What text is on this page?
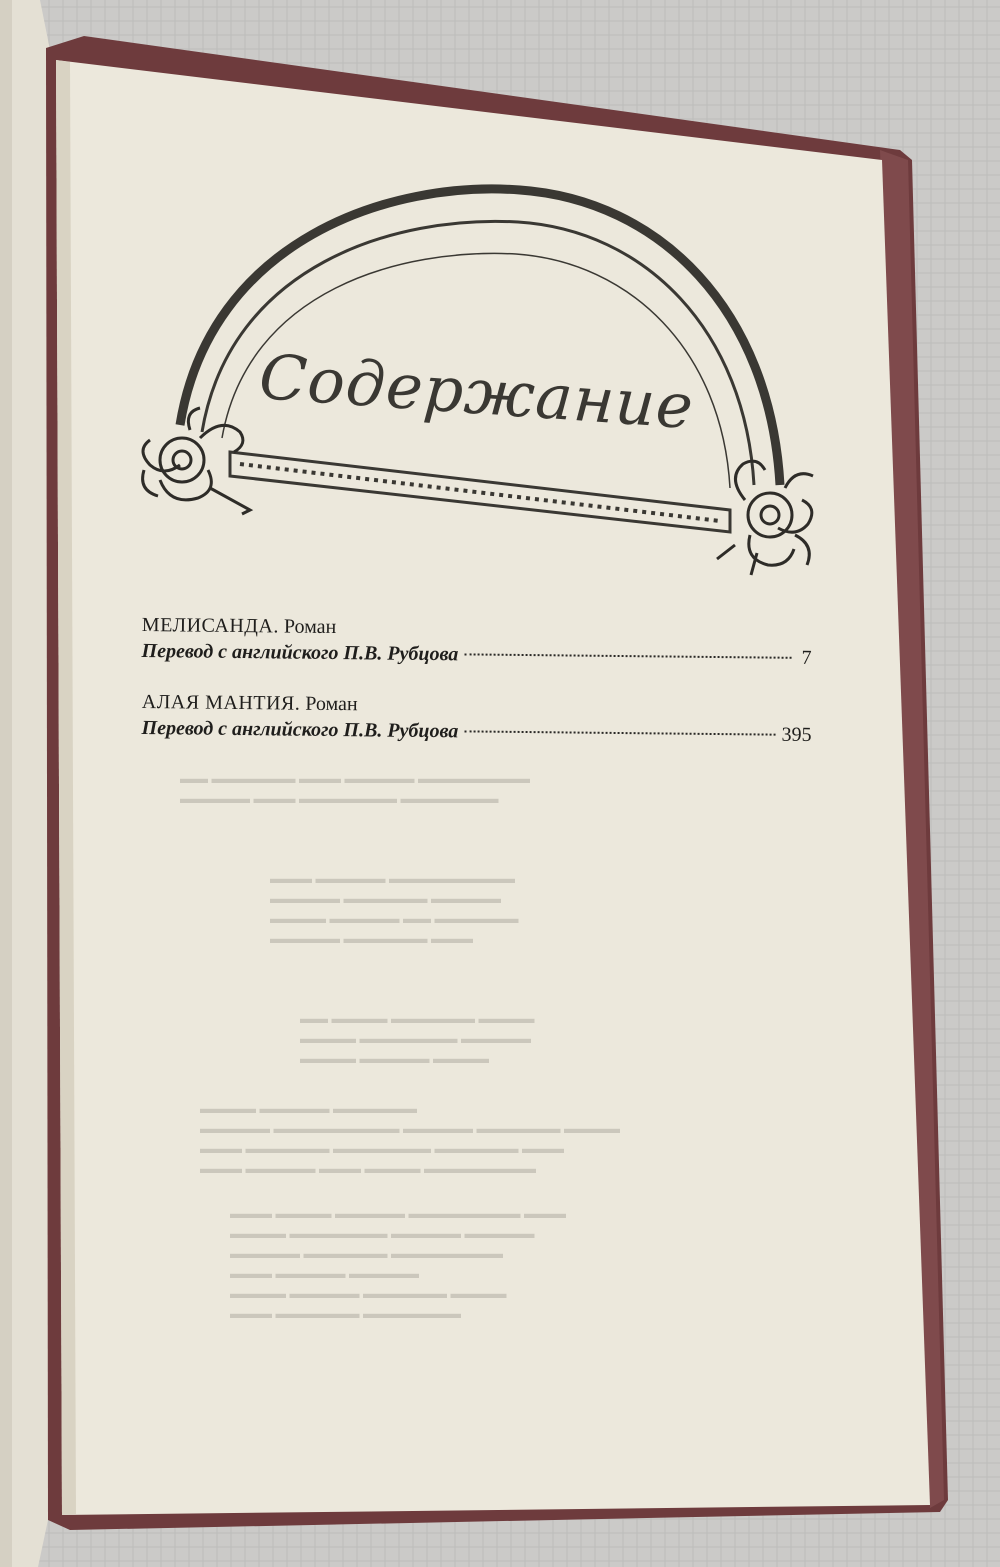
▬▬ ▬▬▬▬▬▬ ▬▬▬ ▬▬▬▬▬ ▬▬▬▬▬▬▬▬
▬▬▬▬▬ ▬▬▬ ▬▬▬▬▬▬▬ ▬▬▬▬▬▬▬
▬▬▬ ▬▬▬▬▬ ▬▬▬▬▬▬▬▬▬
▬▬▬▬▬ ▬▬▬▬▬▬ ▬▬▬▬▬
▬▬▬▬ ▬▬▬▬▬ ▬▬ ▬▬▬▬▬▬
▬▬▬▬▬ ▬▬▬▬▬▬ ▬▬▬
▬▬ ▬▬▬▬ ▬▬▬▬▬▬ ▬▬▬▬
▬▬▬▬ ▬▬▬▬▬▬▬ ▬▬▬▬▬
▬▬▬▬ ▬▬▬▬▬ ▬▬▬▬
▬▬▬▬ ▬▬▬▬▬ ▬▬▬▬▬▬
▬▬▬▬▬ ▬▬▬▬▬▬▬▬▬ ▬▬▬▬▬ ▬▬▬▬▬▬ ▬▬▬▬
▬▬▬ ▬▬▬▬▬▬ ▬▬▬▬▬▬▬ ▬▬▬▬▬▬ ▬▬▬
▬▬▬ ▬▬▬▬▬ ▬▬▬ ▬▬▬▬ ▬▬▬▬▬▬▬▬
▬▬▬ ▬▬▬▬ ▬▬▬▬▬ ▬▬▬▬▬▬▬▬ ▬▬▬
▬▬▬▬ ▬▬▬▬▬▬▬ ▬▬▬▬▬ ▬▬▬▬▬
▬▬▬▬▬ ▬▬▬▬▬▬ ▬▬▬▬▬▬▬▬
▬▬▬ ▬▬▬▬▬ ▬▬▬▬▬
▬▬▬▬ ▬▬▬▬▬ ▬▬▬▬▬▬ ▬▬▬▬
▬▬▬ ▬▬▬▬▬▬ ▬▬▬▬▬▬▬
Содержание
МЕЛИСАНДА. Роман
Перевод с английского П.В. Рубцова	7
АЛАЯ МАНТИЯ. Роман
Перевод с английского П.В. Рубцова	395
